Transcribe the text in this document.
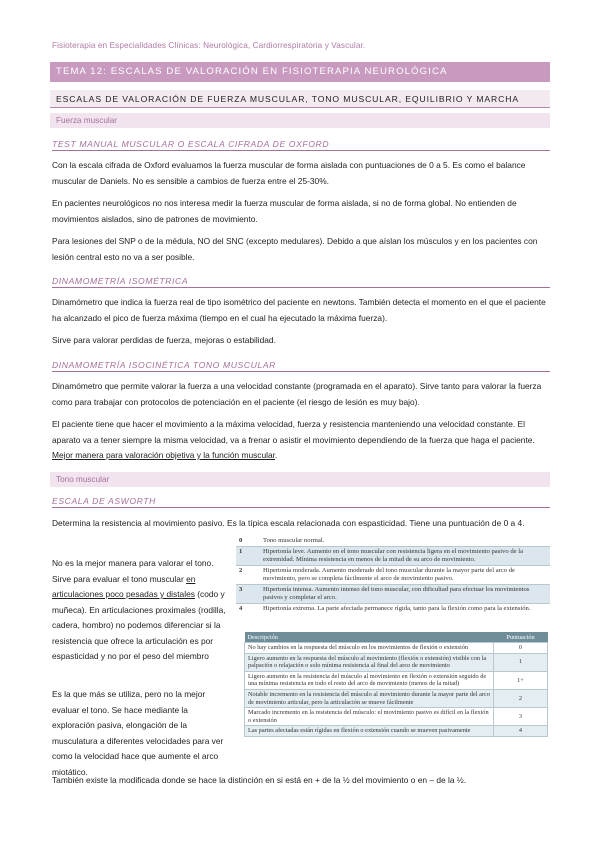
Fisioterapia en Especialidades Clínicas: Neurológica, Cardiorrespiratoria y Vascular.
TEMA 12: ESCALAS DE VALORACIÓN EN FISIOTERAPIA NEUROLÓGICA
ESCALAS DE VALORACIÓN DE FUERZA MUSCULAR, TONO MUSCULAR, EQUILIBRIO Y MARCHA
Fuerza muscular
TEST MANUAL MUSCULAR O ESCALA CIFRADA DE OXFORD
Con la escala cifrada de Oxford evaluamos la fuerza muscular de forma aislada con puntuaciones de 0 a 5. Es como el balance muscular de Daniels. No es sensible a cambios de fuerza entre el 25-30%.
En pacientes neurológicos no nos interesa medir la fuerza muscular de forma aislada, si no de forma global. No entienden de movimientos aislados, sino de patrones de movimiento.
Para lesiones del SNP o de la médula, NO del SNC (excepto medulares). Debido a que aíslan los músculos y en los pacientes con lesión central esto no va a ser posible.
DINAMOMETRÍA ISOMÉTRICA
Dinamómetro que indica la fuerza real de tipo isométrico del paciente en newtons. También detecta el momento en el que el paciente ha alcanzado el pico de fuerza máxima (tiempo en el cual ha ejecutado la máxima fuerza).
Sirve para valorar perdidas de fuerza, mejoras o estabilidad.
DINAMOMETRÍA ISOCINÉTICA TONO MUSCULAR
Dinamómetro que permite valorar la fuerza a una velocidad constante (programada en el aparato). Sirve tanto para valorar la fuerza como para trabajar con protocolos de potenciación en el paciente (el riesgo de lesión es muy bajo).
El paciente tiene que hacer el movimiento a la máxima velocidad, fuerza y resistencia manteniendo una velocidad constante. El aparato va a tener siempre la misma velocidad, va a frenar o asistir el movimiento dependiendo de la fuerza que haga el paciente. Mejor manera para valoración objetiva y la función muscular.
Tono muscular
ESCALA DE ASWORTH
Determina la resistencia al movimiento pasivo. Es la típica escala relacionada con espasticidad. Tiene una puntuación de 0 a 4.
No es la mejor manera para valorar el tono. Sirve para evaluar el tono muscular en articulaciones poco pesadas y distales (codo y muñeca). En articulaciones proximales (rodilla, cadera, hombro) no podemos diferenciar si la resistencia que ofrece la articulación es por espasticidad y no por el peso del miembro
Es la que más se utiliza, pero no la mejor evaluar el tono. Se hace mediante la exploración pasiva, elongación de la musculatura a diferentes velocidades para ver como la velocidad hace que aumente el arco miotático.
0	Tono muscular normal.
1	Hipertonía leve. Aumento en el tono muscular con resistencia ligera en el movimiento pasivo de la extremidad. Mínima resistencia en menos de la mitad de su arco de movimiento.
2	Hipertonía moderada. Aumento moderado del tono muscular durante la mayor parte del arco de movimiento, pero se completa fácilmente el arco de movimiento pasivo.
3	Hipertonía intensa. Aumento intenso del tono muscular, con dificultad para efectuar los movimientos pasivos y completar el arco.
4	Hipertonía extrema. La parte afectada permanece rígida, tanto para la flexión como para la extensión.
Descripción	Puntuación
No hay cambios en la respuesta del músculo en los movimientos de flexión o extensión	0
Ligero aumento en la respuesta del músculo al movimiento (flexión o extensión) visible con la palpación o relajación o solo mínima resistencia al final del arco de movimiento	1
Ligero aumento en la resistencia del músculo al movimiento en flexión o extensión seguido de una mínima resistencia en todo el resto del arco de movimiento (menos de la mitad)	1+
Notable incremento en la resistencia del músculo al movimiento durante la mayor parte del arco de movimiento articular, pero la articulación se mueve fácilmente	2
Marcado incremento en la resistencia del músculo: el movimiento pasivo es difícil en la flexión o extensión	3
Las partes afectadas están rígidas en flexión o extensión cuando se mueven pasivamente	4
También existe la modificada donde se hace la distinción en si está en + de la ½ del movimiento o en – de la ½.
